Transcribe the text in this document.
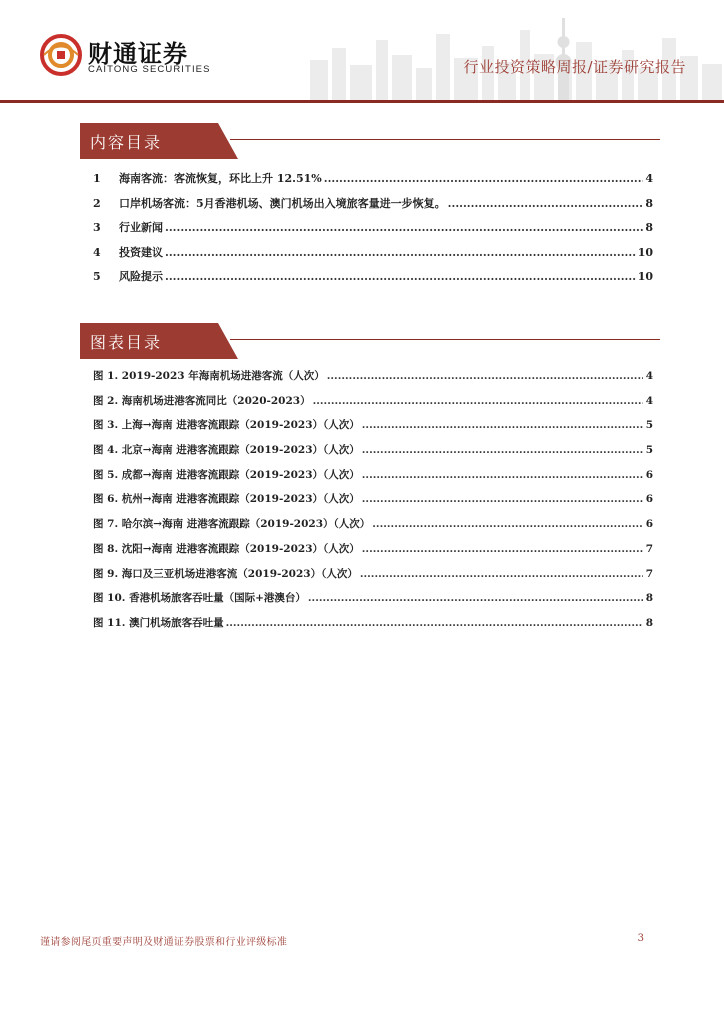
财通证券
CAITONG SECURITIES	行业投资策略周报/证券研究报告
内容目录
1	海南客流：客流恢复，环比上升 12.51% .....	4
2	口岸机场客流：5月香港机场、澳门机场出入境旅客量进一步恢复。 .....	8
3	行业新闻 .....	8
4	投资建议 .....	10
5	风险提示 .....	10
图表目录
图 1. 2019-2023 年海南机场进港客流（人次） .....	4
图 2. 海南机场进港客流同比（2020-2023） .....	4
图 3. 上海→海南 进港客流跟踪（2019-2023）（人次） .....	5
图 4. 北京→海南 进港客流跟踪（2019-2023）（人次） .....	5
图 5. 成都→海南 进港客流跟踪（2019-2023）（人次） .....	6
图 6. 杭州→海南 进港客流跟踪（2019-2023）（人次） .....	6
图 7. 哈尔滨→海南 进港客流跟踪（2019-2023）（人次） .....	6
图 8. 沈阳→海南 进港客流跟踪（2019-2023）（人次） .....	7
图 9. 海口及三亚机场进港客流（2019-2023）（人次） .....	7
图 10. 香港机场旅客吞吐量（国际+港澳台） .....	8
图 11. 澳门机场旅客吞吐量 .....	8
谨请参阅尾页重要声明及财通证券股票和行业评级标准	3
